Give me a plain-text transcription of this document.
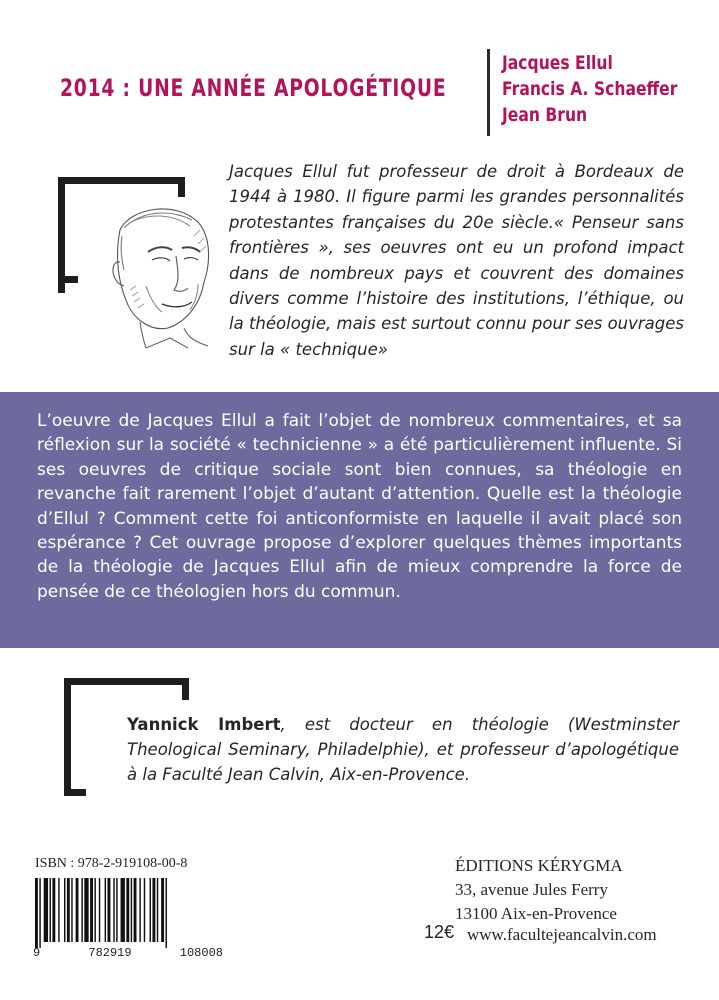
2014 : UNE ANNÉE APOLOGÉTIQUE
Jacques Ellul
Francis A. Schaeffer
Jean Brun
Jacques Ellul fut professeur de droit à Bordeaux de 1944 à 1980. Il figure parmi les grandes personnalités protestantes françaises du 20e siècle.« Penseur sans frontières », ses oeuvres ont eu un profond impact dans de nombreux pays et couvrent des domaines divers comme l’histoire des institutions, l’éthique, ou la théologie, mais est surtout connu pour ses ouvrages sur la « technique»
L’oeuvre de Jacques Ellul a fait l’objet de nombreux commentaires, et sa réflexion sur la société « technicienne » a été particulièrement influente. Si ses oeuvres de critique sociale sont bien connues, sa théologie en revanche fait rarement l’objet d’autant d’attention. Quelle est la théologie d’Ellul ? Comment cette foi anticonformiste en laquelle il avait placé son espérance ? Cet ouvrage propose d’explorer quelques thèmes importants de la théologie de Jacques Ellul afin de mieux comprendre la force de pensée de ce théologien hors du commun.
Yannick Imbert, est docteur en théologie (Westminster Theological Seminary, Philadelphie), et professeur d’apologétique à la Faculté Jean Calvin, Aix-en-Provence.
ISBN : 978-2-919108-00-8
9	782919	108008
ÉDITIONS KÉRYGMA
33, avenue Jules Ferry
13100 Aix-en-Provence
12€ www.facultejeancalvin.com
